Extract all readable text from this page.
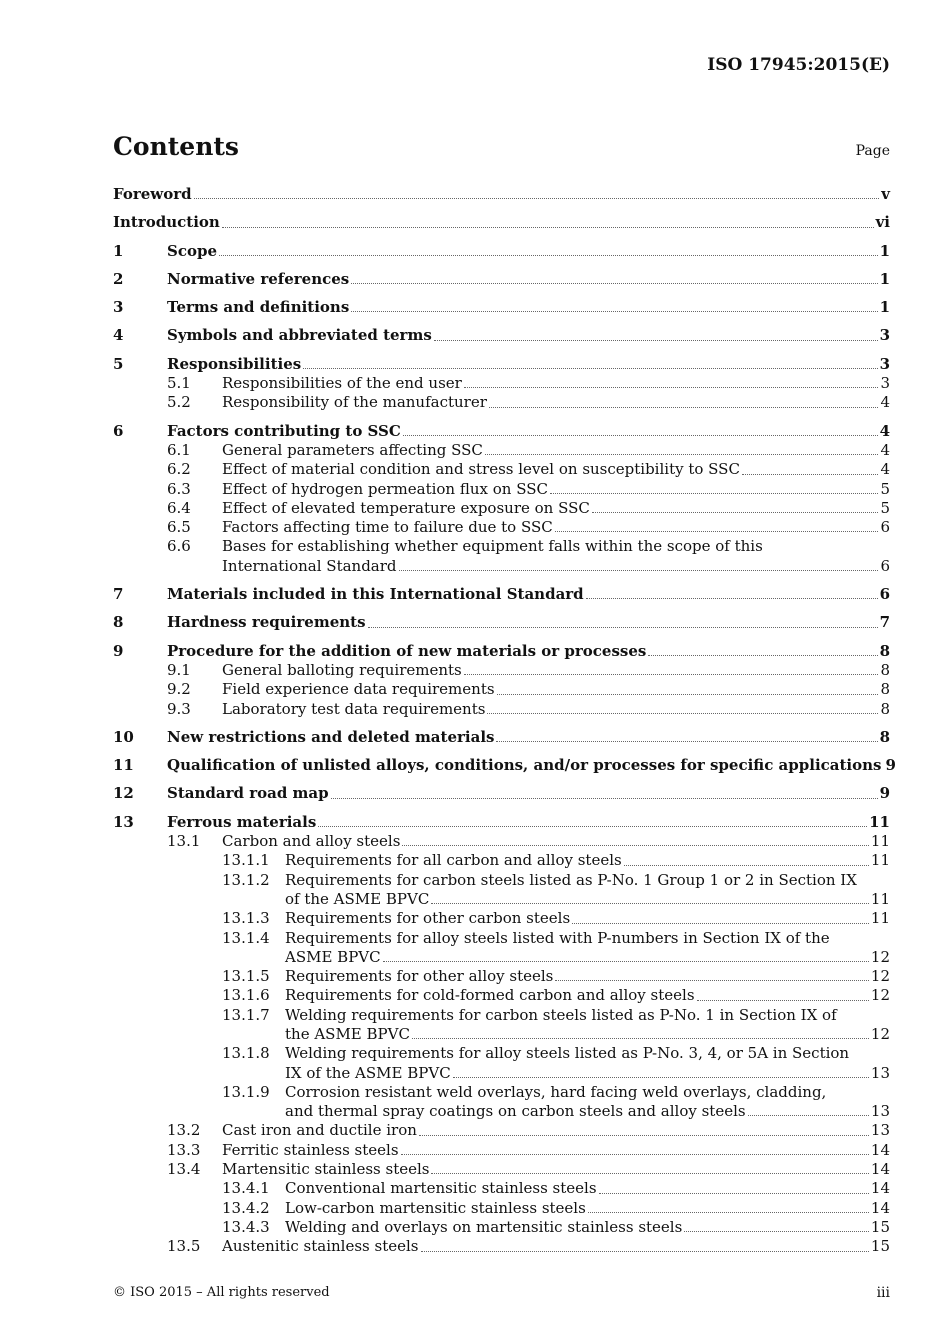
ISO 17945:2015(E)
Contents	Page
Foreword	v
Introduction	vi
1	Scope	1
2	Normative references	1
3	Terms and definitions	1
4	Symbols and abbreviated terms	3
5	Responsibilities	3
5.1 Responsibilities of the end user	3
5.2 Responsibility of the manufacturer	4
6	Factors contributing to SSC	4
6.1 General parameters affecting SSC	4
6.2 Effect of material condition and stress level on susceptibility to SSC	4
6.3 Effect of hydrogen permeation flux on SSC	5
6.4 Effect of elevated temperature exposure on SSC	5
6.5 Factors affecting time to failure due to SSC	6
6.6 Bases for establishing whether equipment falls within the scope of this
International Standard	6
7	Materials included in this International Standard	6
8	Hardness requirements	7
9	Procedure for the addition of new materials or processes	8
9.1 General balloting requirements	8
9.2 Field experience data requirements	8
9.3 Laboratory test data requirements	8
10 New restrictions and deleted materials	8
11 Qualification of unlisted alloys, conditions, and/or processes for specific applications 9
12 Standard road map	9
13 Ferrous materials	11
13.1 Carbon and alloy steels	11
13.1.1 Requirements for all carbon and alloy steels	11
13.1.2 Requirements for carbon steels listed as P-No. 1 Group 1 or 2 in Section IX
of the ASME BPVC	11
13.1.3 Requirements for other carbon steels	11
13.1.4 Requirements for alloy steels listed with P-numbers in Section IX of the
ASME BPVC	12
13.1.5 Requirements for other alloy steels	12
13.1.6 Requirements for cold-formed carbon and alloy steels	12
13.1.7 Welding requirements for carbon steels listed as P-No. 1 in Section IX of
the ASME BPVC	12
13.1.8 Welding requirements for alloy steels listed as P-No. 3, 4, or 5A in Section
IX of the ASME BPVC	13
13.1.9 Corrosion resistant weld overlays, hard facing weld overlays, cladding,
and thermal spray coatings on carbon steels and alloy steels	13
13.2 Cast iron and ductile iron	13
13.3 Ferritic stainless steels	14
13.4 Martensitic stainless steels	14
13.4.1 Conventional martensitic stainless steels	14
13.4.2 Low-carbon martensitic stainless steels	14
13.4.3 Welding and overlays on martensitic stainless steels	15
13.5 Austenitic stainless steels	15
© ISO 2015 – All rights reserved	iii
